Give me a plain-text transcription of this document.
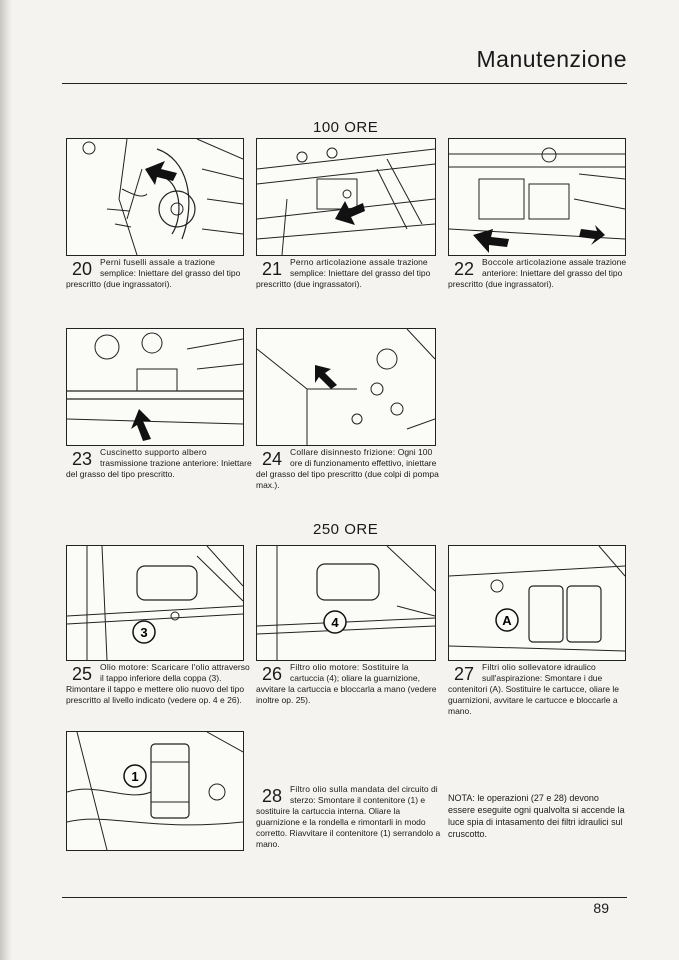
Manutenzione
100 ORE
20 Perni fuselli assale a trazione semplice: Iniettare del grasso del tipo prescritto (due ingrassatori).
21 Perno articolazione assale trazione semplice: Iniettare del grasso del tipo prescritto (due ingrassatori).
22 Boccole articolazione assale trazione anteriore: Iniettare del grasso del tipo prescritto (due ingrassatori).
23 Cuscinetto supporto albero trasmissione trazione anteriore: Iniettare del grasso del tipo prescritto.
24 Collare disinnesto frizione: Ogni 100 ore di funzionamento effettivo, iniettare del grasso del tipo prescritto (due colpi di pompa max.).
250 ORE
3
4	A
25 Olio motore: Scaricare l'olio attraverso il tappo inferiore della coppa (3). Rimontare il tappo e mettere olio nuovo del tipo prescritto al livello indicato (vedere op. 4 e 26).
26 Filtro olio motore: Sostituire la cartuccia (4); oliare la guarnizione, avvitare la cartuccia e bloccarla a mano (vedere inoltre op. 25).
27 Filtri olio sollevatore idraulico sull'aspirazione: Smontare i due contenitori (A). Sostituire le cartucce, oliare le guarnizioni, avvitare le cartucce e bloccarle a mano.
1
28 Filtro olio sulla mandata del circuito di sterzo: Smontare il contenitore (1) e sostituire la cartuccia interna. Oliare la guarnizione e la rondella e rimontarli in modo corretto. Riavvitare il contenitore (1) serrandolo a mano.
NOTA: le operazioni (27 e 28) devono essere eseguite ogni qualvolta si accende la luce spia di intasamento dei filtri idraulici sul cruscotto.
89
